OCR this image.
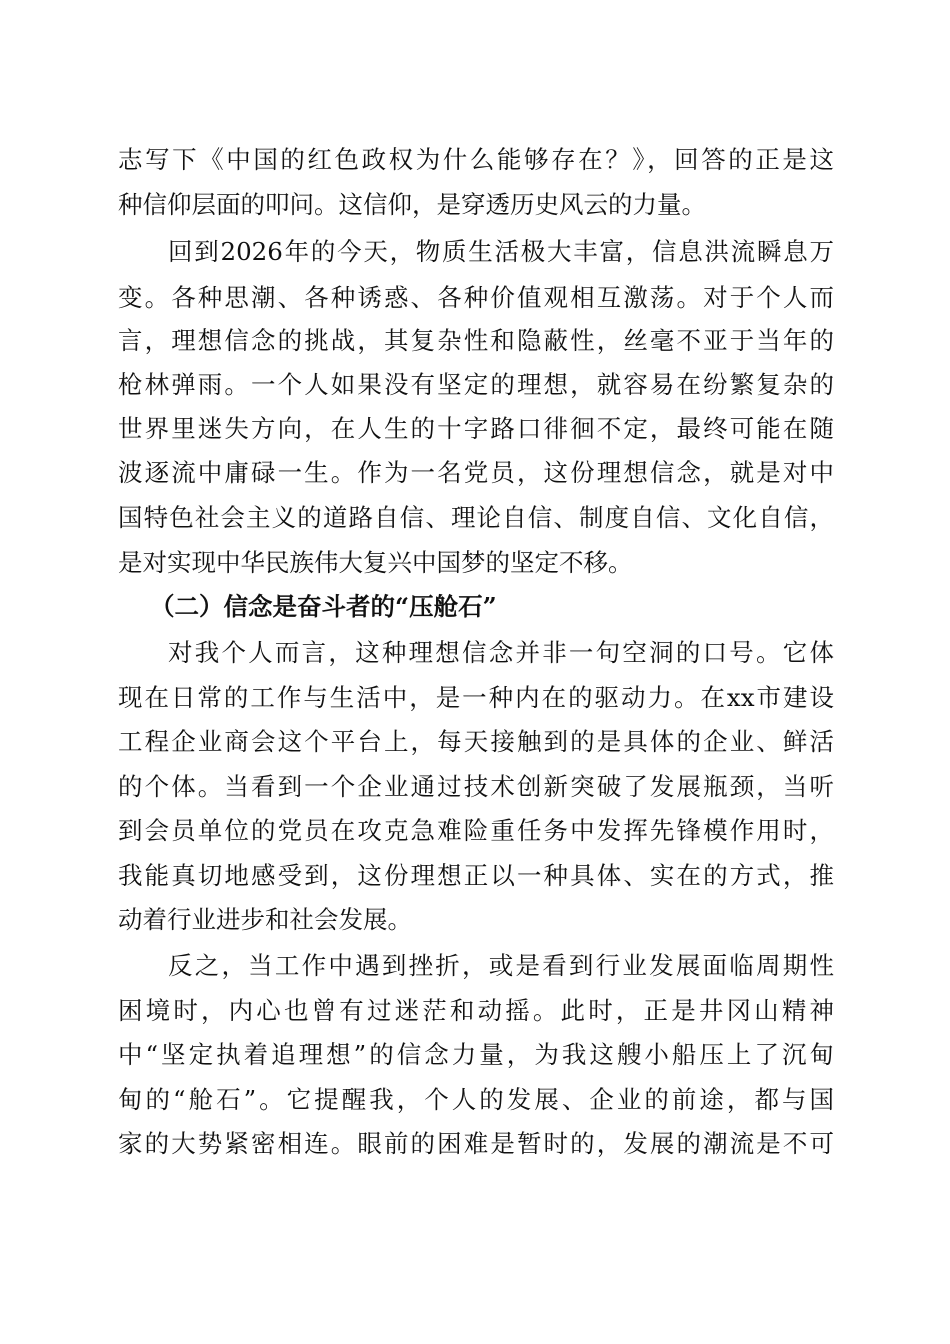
志写下《中国的红色政权为什么能够存在？》，回答的正是这
种信仰层面的叩问。这信仰，是穿透历史风云的力量。
回到2026年的今天，物质生活极大丰富，信息洪流瞬息万
变。各种思潮、各种诱惑、各种价值观相互激荡。对于个人而
言，理想信念的挑战，其复杂性和隐蔽性，丝毫不亚于当年的
枪林弹雨。一个人如果没有坚定的理想，就容易在纷繁复杂的
世界里迷失方向，在人生的十字路口徘徊不定，最终可能在随
波逐流中庸碌一生。作为一名党员，这份理想信念，就是对中
国特色社会主义的道路自信、理论自信、制度自信、文化自信，
是对实现中华民族伟大复兴中国梦的坚定不移。
（二）信念是奋斗者的“压舱石”
对我个人而言，这种理想信念并非一句空洞的口号。它体
现在日常的工作与生活中，是一种内在的驱动力。在xx市建设
工程企业商会这个平台上，每天接触到的是具体的企业、鲜活
的个体。当看到一个企业通过技术创新突破了发展瓶颈，当听
到会员单位的党员在攻克急难险重任务中发挥先锋模作用时，
我能真切地感受到，这份理想正以一种具体、实在的方式，推
动着行业进步和社会发展。
反之，当工作中遇到挫折，或是看到行业发展面临周期性
困境时，内心也曾有过迷茫和动摇。此时，正是井冈山精神
中“坚定执着追理想”的信念力量，为我这艘小船压上了沉甸
甸的“舱石”。它提醒我，个人的发展、企业的前途，都与国
家的大势紧密相连。眼前的困难是暂时的，发展的潮流是不可
